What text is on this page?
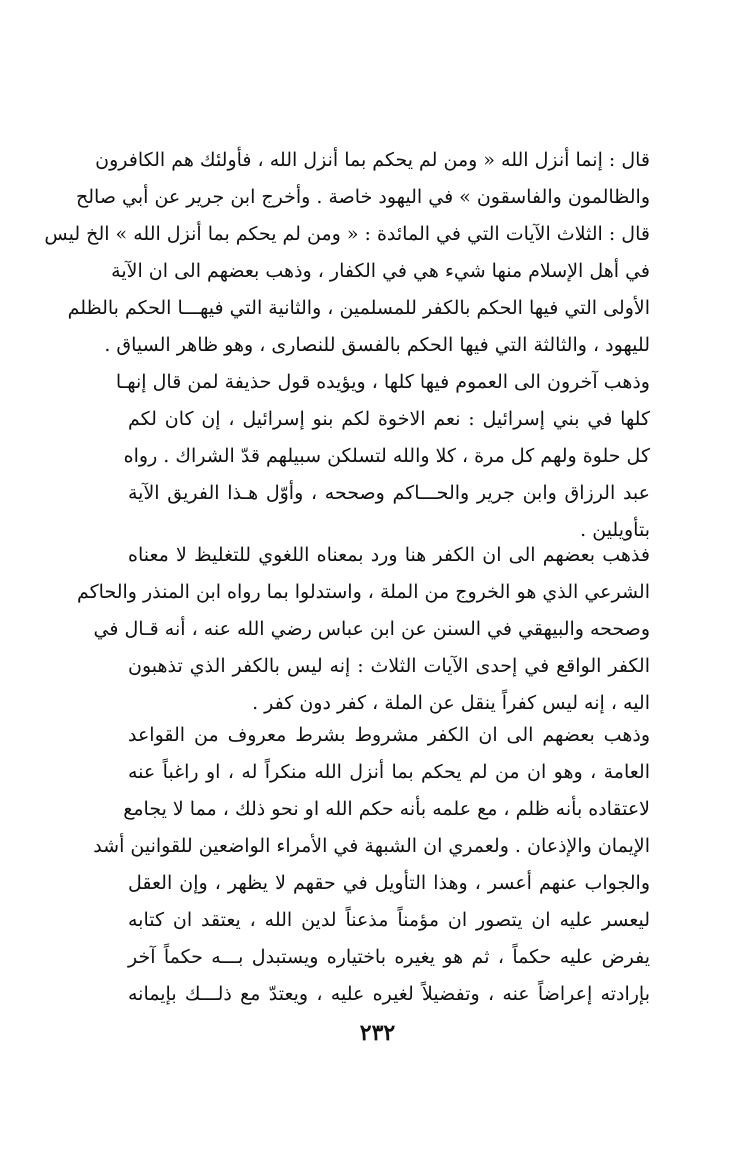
قال : إنما أنزل الله « ومن لم يحكم بما أنزل الله ، فأولئك هم الكافرون
والظالمون والفاسقون » في اليهود خاصة . وأخرج ابن جرير عن أبي صالح
قال : الثلاث الآيات التي في المائدة : « ومن لم يحكم بما أنزل الله » الخ ليس
في أهل الإسلام منها شيء هي في الكفار ، وذهب بعضهم الى ان الآية
الأولى التي فيها الحكم بالكفر للمسلمين ، والثانية التي فيهـــا الحكم بالظلم
لليهود ، والثالثة التي فيها الحكم بالفسق للنصارى ، وهو ظاهر السياق .
وذهب آخرون الى العموم فيها كلها ، ويؤيده قول حذيفة لمن قال إنهـا
كلها في بني إسرائيل : نعم الاخوة لكم بنو إسرائيل ، إن كان لكم
كل حلوة ولهم كل مرة ، كلا والله لتسلكن سبيلهم قدّ الشراك . رواه
عبد الرزاق وابن جرير والحـــاكم وصححه ، وأوّل هـذا الفريق الآية
بتأويلين .
فذهب بعضهم الى ان الكفر هنا ورد بمعناه اللغوي للتغليظ لا معناه
الشرعي الذي هو الخروج من الملة ، واستدلوا بما رواه ابن المنذر والحاكم
وصححه والبيهقي في السنن عن ابن عباس رضي الله عنه ، أنه قـال في
الكفر الواقع في إحدى الآيات الثلاث : إنه ليس بالكفر الذي تذهبون
اليه ، إنه ليس كفراً ينقل عن الملة ، كفر دون كفر .
وذهب بعضهم الى ان الكفر مشروط بشرط معروف من القواعد
العامة ، وهو ان من لم يحكم بما أنزل الله منكراً له ، او راغباً عنه
لاعتقاده بأنه ظلم ، مع علمه بأنه حكم الله او نحو ذلك ، مما لا يجامع
الإيمان والإذعان . ولعمري ان الشبهة في الأمراء الواضعين للقوانين أشد
والجواب عنهم أعسر ، وهذا التأويل في حقهم لا يظهر ، وإن العقل
ليعسر عليه ان يتصور ان مؤمناً مذعناً لدين الله ، يعتقد ان كتابه
يفرض عليه حكماً ، ثم هو يغيره باختياره ويستبدل بـــه حكماً آخر
بإرادته إعراضاً عنه ، وتفضيلاً لغيره عليه ، ويعتدّ مع ذلـــك بإيمانه
٢٣٢
